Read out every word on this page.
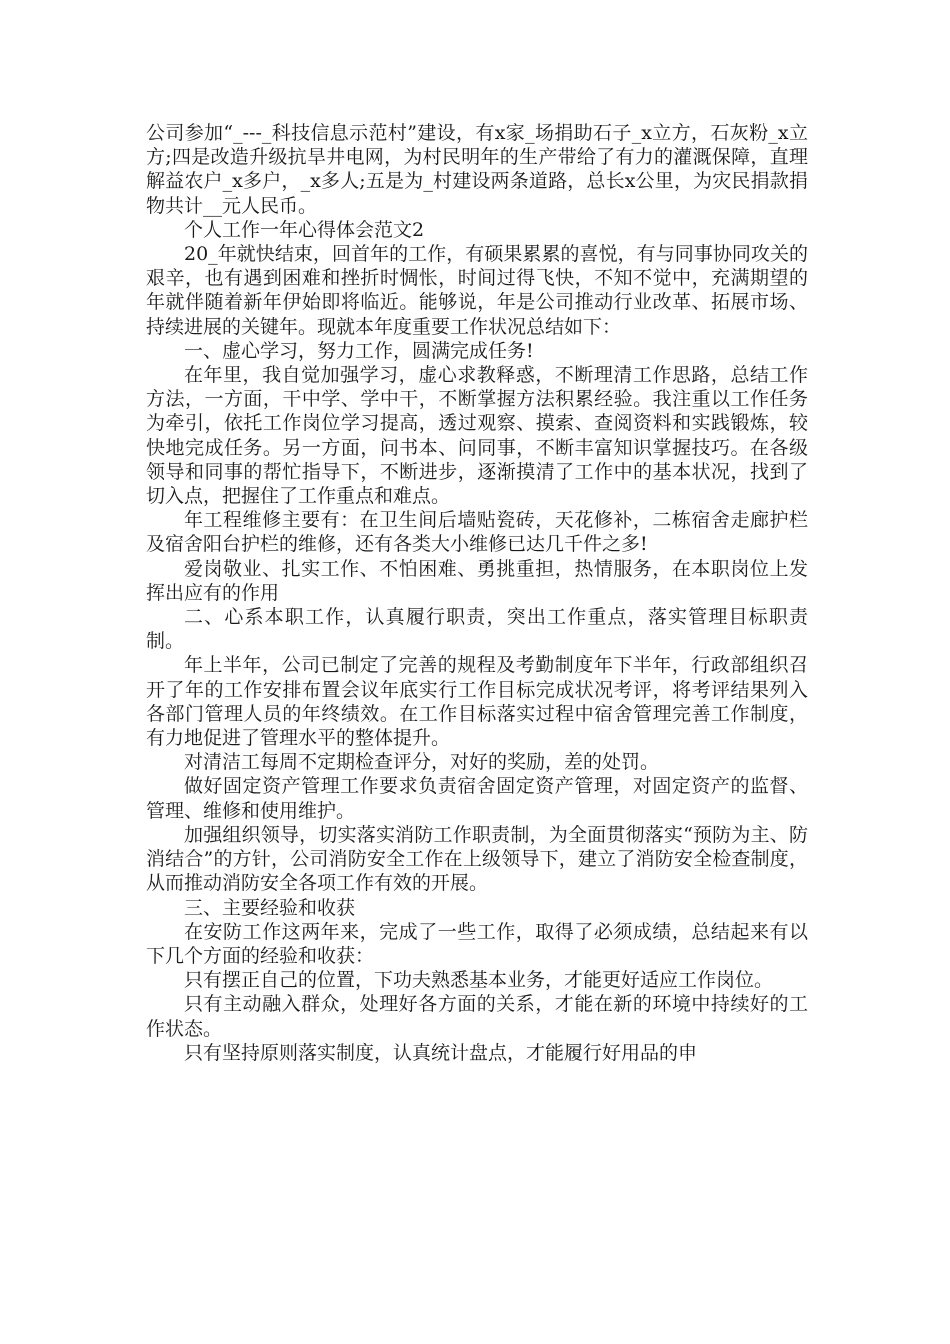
公司参加“_---_科技信息示范村”建设，有x家_场捐助石子_x立方，石灰粉_x立方;四是改造升级抗旱井电网，为村民明年的生产带给了有力的灌溉保障，直理解益农户_x多户，_x多人;五是为_村建设两条道路，总长x公里，为灾民捐款捐物共计__元人民币。

个人工作一年心得体会范文2

20_年就快结束，回首年的工作，有硕果累累的喜悦，有与同事协同攻关的艰辛，也有遇到困难和挫折时惆怅，时间过得飞快，不知不觉中，充满期望的年就伴随着新年伊始即将临近。能够说，年是公司推动行业改革、拓展市场、持续进展的关键年。现就本年度重要工作状况总结如下：

一、虚心学习，努力工作，圆满完成任务!

在年里，我自觉加强学习，虚心求教释惑，不断理清工作思路，总结工作方法，一方面，干中学、学中干，不断掌握方法积累经验。我注重以工作任务为牵引，依托工作岗位学习提高，透过观察、摸索、查阅资料和实践锻炼，较快地完成任务。另一方面，问书本、问同事，不断丰富知识掌握技巧。在各级领导和同事的帮忙指导下，不断进步，逐渐摸清了工作中的基本状况，找到了切入点，把握住了工作重点和难点。

年工程维修主要有：在卫生间后墙贴瓷砖，天花修补，二栋宿舍走廊护栏及宿舍阳台护栏的维修，还有各类大小维修已达几千件之多!

爱岗敬业、扎实工作、不怕困难、勇挑重担，热情服务，在本职岗位上发挥出应有的作用

二、心系本职工作，认真履行职责，突出工作重点，落实管理目标职责制。

年上半年，公司已制定了完善的规程及考勤制度年下半年，行政部组织召开了年的工作安排布置会议年底实行工作目标完成状况考评，将考评结果列入各部门管理人员的年终绩效。在工作目标落实过程中宿舍管理完善工作制度，有力地促进了管理水平的整体提升。

对清洁工每周不定期检查评分，对好的奖励，差的处罚。

做好固定资产管理工作要求负责宿舍固定资产管理，对固定资产的监督、管理、维修和使用维护。

加强组织领导，切实落实消防工作职责制，为全面贯彻落实“预防为主、防消结合”的方针，公司消防安全工作在上级领导下，建立了消防安全检查制度，从而推动消防安全各项工作有效的开展。

三、主要经验和收获

在安防工作这两年来，完成了一些工作，取得了必须成绩，总结起来有以下几个方面的经验和收获：

只有摆正自己的位置，下功夫熟悉基本业务，才能更好适应工作岗位。

只有主动融入群众，处理好各方面的关系，才能在新的环境中持续好的工作状态。

只有坚持原则落实制度，认真统计盘点，才能履行好用品的申
